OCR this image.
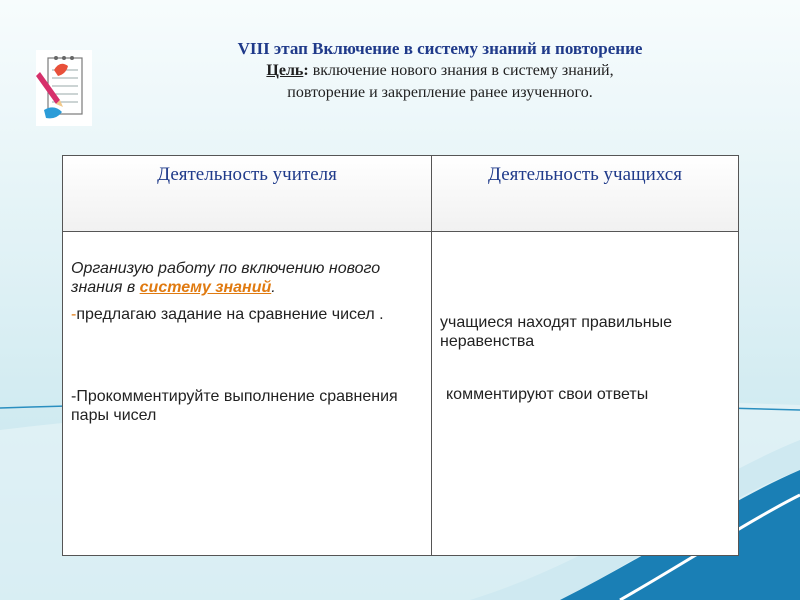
VIII этап Включение в систему знаний и повторение
Цель: включение нового знания в систему знаний,
повторение и закрепление ранее изученного.
Деятельность учителя	Деятельность учащихся
Организую работу по включению нового знания в систему знаний.
-предлагаю задание на сравнение чисел .
-Прокомментируйте выполнение сравнения пары чисел
учащиеся находят правильные неравенства
комментируют свои ответы
